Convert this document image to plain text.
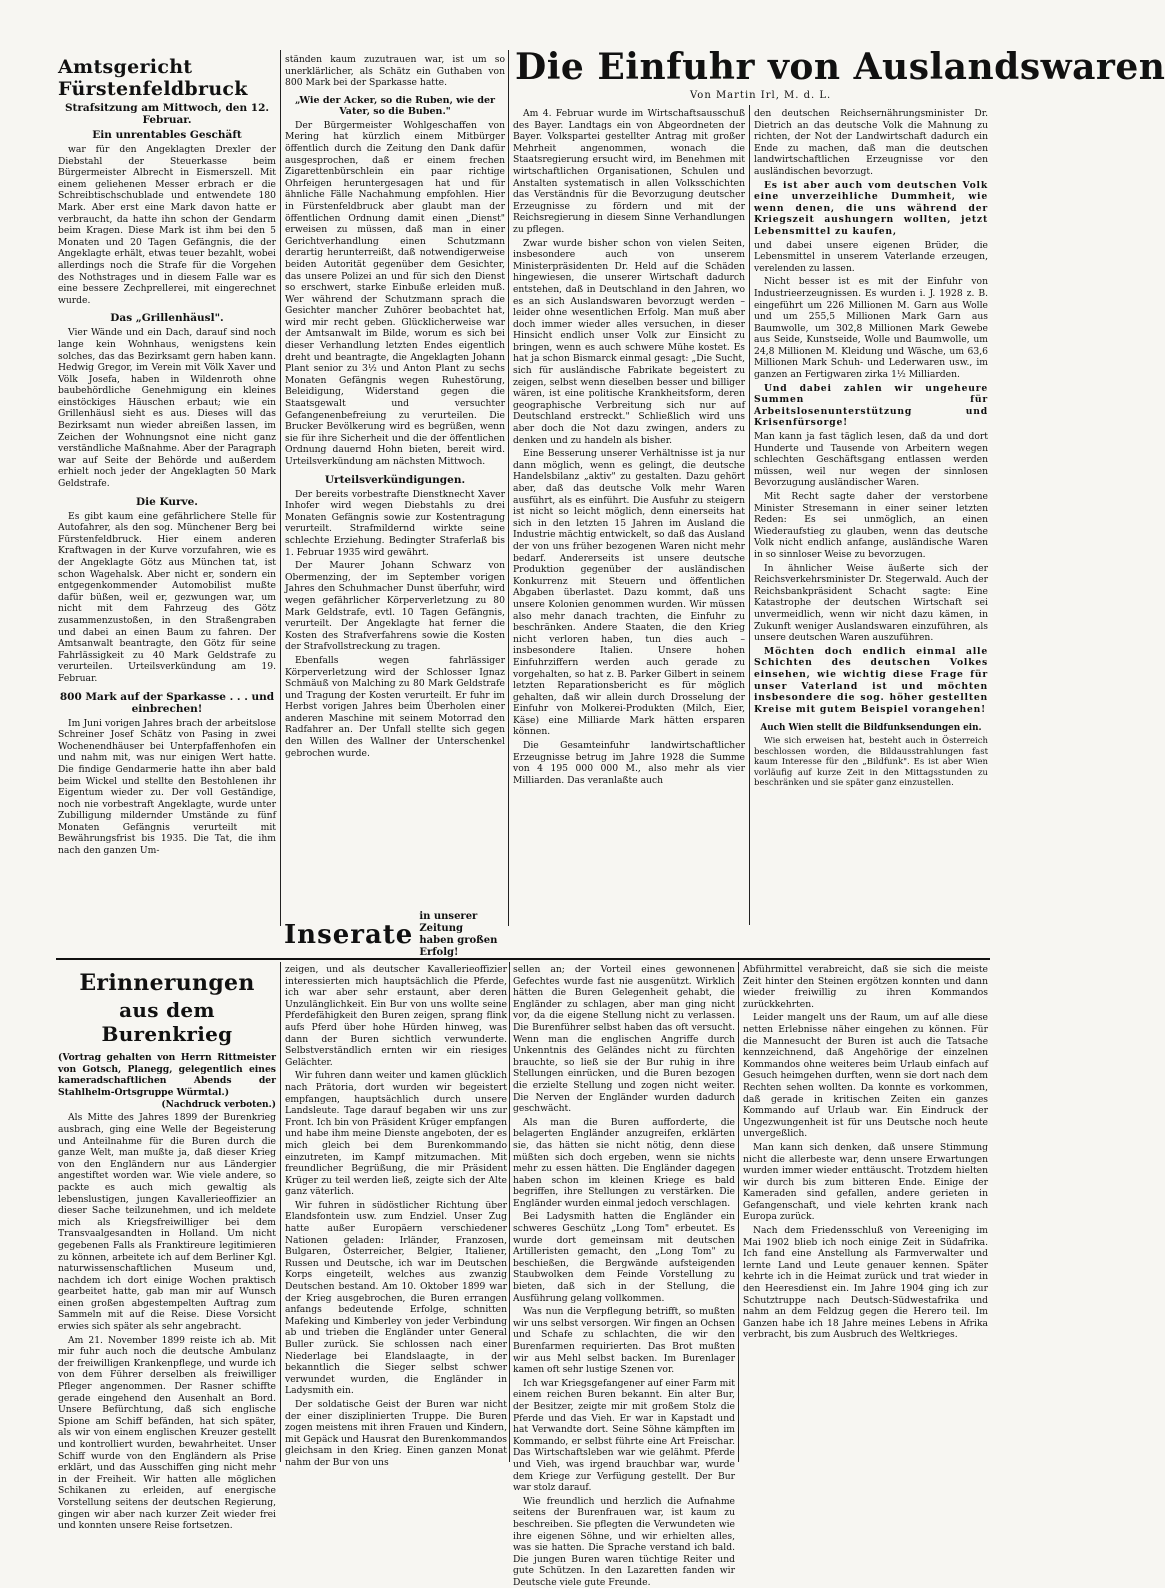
Amtsgericht Fürstenfeldbruck
Strafsitzung am Mittwoch, den 12. Februar.
Ein unrentables Geschäft

war für den Angeklagten Drexler der Diebstahl der Steuerkasse beim Bürgermeister Albrecht in Eismerszell. Mit einem geliehenen Messer erbrach er die Schreibtischschublade und entwendete 180 Mark. Aber erst eine Mark davon hatte er verbraucht, da hatte ihn schon der Gendarm beim Kragen. Diese Mark ist ihm bei den 5 Monaten und 20 Tagen Gefängnis, die der Angeklagte erhält, etwas teuer bezahlt, wobei allerdings noch die Strafe für die Vorgehen des Nothstrages und in diesem Falle war es eine bessere Zechprellerei, mit eingerechnet wurde.

Das „Grillenhäusl".

Vier Wände und ein Dach, darauf sind noch lange kein Wohnhaus, wenigstens kein solches, das das Bezirksamt gern haben kann. Hedwig Gregor, im Verein mit Völk Xaver und Völk Josefa, haben in Wildenroth ohne baubehördliche Genehmigung ein kleines einstöckiges Häuschen erbaut; wie ein Grillenhäusl sieht es aus. Dieses will das Bezirksamt nun wieder abreißen lassen, im Zeichen der Wohnungsnot eine nicht ganz verständliche Maßnahme. Aber der Paragraph war auf Seite der Behörde und außerdem erhielt noch jeder der Angeklagten 50 Mark Geldstrafe.

Die Kurve.

Es gibt kaum eine gefährlichere Stelle für Autofahrer, als den sog. Münchener Berg bei Fürstenfeldbruck. Hier einem anderen Kraftwagen in der Kurve vorzufahren, wie es der Angeklagte Götz aus München tat, ist schon Wagehalsk. Aber nicht er, sondern ein entgegenkommender Automobilist mußte dafür büßen, weil er, gezwungen war, um nicht mit dem Fahrzeug des Götz zusammenzustoßen, in den Straßengraben und dabei an einen Baum zu fahren. Der Amtsanwalt beantragte, den Götz für seine Fahrlässigkeit zu 40 Mark Geldstrafe zu verurteilen. Urteilsverkündung am 19. Februar.

800 Mark auf der Sparkasse . . . und einbrechen!

Im Juni vorigen Jahres brach der arbeitslose Schreiner Josef Schätz von Pasing in zwei Wochenendhäuser bei Unterpfaffenhofen ein und nahm mit, was nur einigen Wert hatte. Die findige Gendarmerie hatte ihn aber bald beim Wickel und stellte den Bestohlenen ihr Eigentum wieder zu. Der voll Geständige, noch nie vorbestraft Angeklagte, wurde unter Zubilligung mildernder Umstände zu fünf Monaten Gefängnis verurteilt mit Bewährungsfrist bis 1935. Die Tat, die ihm nach den ganzen Um-

ständen kaum zuzutrauen war, ist um so unerklärlicher, als Schätz ein Guthaben von 800 Mark bei der Sparkasse hatte.

„Wie der Acker, so die Ruben, wie der Vater, so die Buben."

Der Bürgermeister Wohlgeschaffen von Mering hat kürzlich einem Mitbürger öffentlich durch die Zeitung den Dank dafür ausgesprochen, daß er einem frechen Zigarettenbürschlein ein paar richtige Ohrfeigen heruntergesagen hat und für ähnliche Fälle Nachahmung empfohlen. Hier in Fürstenfeldbruck aber glaubt man der öffentlichen Ordnung damit einen „Dienst" erweisen zu müssen, daß man in einer Gerichtverhandlung einen Schutzmann derartig herunterreißt, daß notwendigerweise beiden Autorität gegenüber dem Gesichter, das unsere Polizei an und für sich den Dienst so erschwert, starke Einbuße erleiden muß. Wer während der Schutzmann sprach die Gesichter mancher Zuhörer beobachtet hat, wird mir recht geben. Glücklicherweise war der Amtsanwalt im Bilde, worum es sich bei dieser Verhandlung letzten Endes eigentlich dreht und beantragte, die Angeklagten Johann Plant senior zu 3½ und Anton Plant zu sechs Monaten Gefängnis wegen Ruhestörung, Beleidigung, Widerstand gegen die Staatsgewalt und versuchter Gefangenenbefreiung zu verurteilen. Die Brucker Bevölkerung wird es begrüßen, wenn sie für ihre Sicherheit und die der öffentlichen Ordnung dauernd Hohn bieten, bereit wird. Urteilsverkündung am nächsten Mittwoch.

Urteilsverkündigungen.

Der bereits vorbestrafte Dienstknecht Xaver Inhofer wird wegen Diebstahls zu drei Monaten Gefängnis sowie zur Kostentragung verurteilt. Strafmildernd wirkte seine schlechte Erziehung. Bedingter Straferlaß bis 1. Februar 1935 wird gewährt.

Der Maurer Johann Schwarz von Obermenzing, der im September vorigen Jahres den Schuhmacher Dunst überfuhr, wird wegen gefährlicher Körperverletzung zu 80 Mark Geldstrafe, evtl. 10 Tagen Gefängnis, verurteilt. Der Angeklagte hat ferner die Kosten des Strafverfahrens sowie die Kosten der Strafvollstreckung zu tragen.

Ebenfalls wegen fahrlässiger Körperverletzung wird der Schlosser Ignaz Schmäuß von Malching zu 80 Mark Geldstrafe und Tragung der Kosten verurteilt. Er fuhr im Herbst vorigen Jahres beim Überholen einer anderen Maschine mit seinem Motorrad den Radfahrer an. Der Unfall stellte sich gegen den Willen des Wallner der Unterschenkel gebrochen wurde.

Inserate
in unserer Zeitung
haben großen Erfolg!
Die Einfuhr von Auslandswaren
Von Martin Irl, M. d. L.

Am 4. Februar wurde im Wirtschaftsausschuß des Bayer. Landtags ein von Abgeordneten der Bayer. Volkspartei gestellter Antrag mit großer Mehrheit angenommen, wonach die Staatsregierung ersucht wird, im Benehmen mit wirtschaftlichen Organisationen, Schulen und Anstalten systematisch in allen Volksschichten das Verständnis für die Bevorzugung deutscher Erzeugnisse zu fördern und mit der Reichsregierung in diesem Sinne Verhandlungen zu pflegen.

Zwar wurde bisher schon von vielen Seiten, insbesondere auch von unserem Ministerpräsidenten Dr. Held auf die Schäden hingewiesen, die unserer Wirtschaft dadurch entstehen, daß in Deutschland in den Jahren, wo es an sich Auslandswaren bevorzugt werden – leider ohne wesentlichen Erfolg. Man muß aber doch immer wieder alles versuchen, in dieser Hinsicht endlich unser Volk zur Einsicht zu bringen, wenn es auch schwere Mühe kostet. Es hat ja schon Bismarck einmal gesagt: „Die Sucht, sich für ausländische Fabrikate begeistert zu zeigen, selbst wenn dieselben besser und billiger wären, ist eine politische Krankheitsform, deren geographische Verbreitung sich nur auf Deutschland erstreckt." Schließlich wird uns aber doch die Not dazu zwingen, anders zu denken und zu handeln als bisher.

Eine Besserung unserer Verhältnisse ist ja nur dann möglich, wenn es gelingt, die deutsche Handelsbilanz „aktiv" zu gestalten. Dazu gehört aber, daß das deutsche Volk mehr Waren ausführt, als es einführt. Die Ausfuhr zu steigern ist nicht so leicht möglich, denn einerseits hat sich in den letzten 15 Jahren im Ausland die Industrie mächtig entwickelt, so daß das Ausland der von uns früher bezogenen Waren nicht mehr bedarf. Andererseits ist unsere deutsche Produktion gegenüber der ausländischen Konkurrenz mit Steuern und öffentlichen Abgaben überlastet. Dazu kommt, daß uns unsere Kolonien genommen wurden. Wir müssen also mehr danach trachten, die Einfuhr zu beschränken. Andere Staaten, die den Krieg nicht verloren haben, tun dies auch – insbesondere Italien. Unsere hohen Einfuhrziffern werden auch gerade zu vorgehalten, so hat z. B. Parker Gilbert in seinem letzten Reparationsbericht es für möglich gehalten, daß wir allein durch Drosselung der Einfuhr von Molkerei-Produkten (Milch, Eier, Käse) eine Milliarde Mark hätten ersparen können.

Die Gesamteinfuhr landwirtschaftlicher Erzeugnisse betrug im Jahre 1928 die Summe von 4 195 000 000 M., also mehr als vier Milliarden. Das veranlaßte auch

den deutschen Reichsernährungsminister Dr. Dietrich an das deutsche Volk die Mahnung zu richten, der Not der Landwirtschaft dadurch ein Ende zu machen, daß man die deutschen landwirtschaftlichen Erzeugnisse vor den ausländischen bevorzugt.

Es ist aber auch vom deutschen Volk eine unverzeihliche Dummheit, wie wenn denen, die uns während der Kriegszeit aushungern wollten, jetzt Lebensmittel zu kaufen,

und dabei unsere eigenen Brüder, die Lebensmittel in unserem Vaterlande erzeugen, verelenden zu lassen.

Nicht besser ist es mit der Einfuhr von Industrieerzeugnissen. Es wurden i. J. 1928 z. B. eingeführt um 226 Millionen M. Garn aus Wolle und um 255,5 Millionen Mark Garn aus Baumwolle, um 302,8 Millionen Mark Gewebe aus Seide, Kunstseide, Wolle und Baumwolle, um 24,8 Millionen M. Kleidung und Wäsche, um 63,6 Millionen Mark Schuh- und Lederwaren usw., im ganzen an Fertigwaren zirka 1½ Milliarden.

Und dabei zahlen wir ungeheure Summen für Arbeitslosenunterstützung und Krisenfürsorge!

Man kann ja fast täglich lesen, daß da und dort Hunderte und Tausende von Arbeitern wegen schlechten Geschäftsgang entlassen werden müssen, weil nur wegen der sinnlosen Bevorzugung ausländischer Waren.

Mit Recht sagte daher der verstorbene Minister Stresemann in einer seiner letzten Reden: Es sei unmöglich, an einen Wiederaufstieg zu glauben, wenn das deutsche Volk nicht endlich anfange, ausländische Waren in so sinnloser Weise zu bevorzugen.

In ähnlicher Weise äußerte sich der Reichsverkehrsminister Dr. Stegerwald. Auch der Reichsbankpräsident Schacht sagte: Eine Katastrophe der deutschen Wirtschaft sei unvermeidlich, wenn wir nicht dazu kämen, in Zukunft weniger Auslandswaren einzuführen, als unsere deutschen Waren auszuführen.

Möchten doch endlich einmal alle Schichten des deutschen Volkes einsehen, wie wichtig diese Frage für unser Vaterland ist und möchten insbesondere die sog. höher gestellten Kreise mit gutem Beispiel vorangehen!

Auch Wien stellt die Bildfunksendungen ein.

Wie sich erweisen hat, besteht auch in Österreich beschlossen worden, die Bildausstrahlungen fast kaum Interesse für den „Bildfunk". Es ist aber Wien vorläufig auf kurze Zeit in den Mittagsstunden zu beschränken und sie später ganz einzustellen.

Erinnerungen
aus dem Burenkrieg

(Vortrag gehalten von Herrn Rittmeister von Gotsch, Planegg, gelegentlich eines kameradschaftlichen Abends der Stahlhelm-Ortsgruppe Würmtal.)

(Nachdruck verboten.)

Als Mitte des Jahres 1899 der Burenkrieg ausbrach, ging eine Welle der Begeisterung und Anteilnahme für die Buren durch die ganze Welt, man mußte ja, daß dieser Krieg von den Engländern nur aus Ländergier angestiftet worden war. Wie viele andere, so packte es auch mich gewaltig als lebenslustigen, jungen Kavallerieoffizier an dieser Sache teilzunehmen, und ich meldete mich als Kriegsfreiwilliger bei dem Transvaalgesandten in Holland. Um nicht gegebenen Falls als Franktireure legitimieren zu können, arbeitete ich auf dem Berliner Kgl. naturwissenschaftlichen Museum und, nachdem ich dort einige Wochen praktisch gearbeitet hatte, gab man mir auf Wunsch einen großen abgestempelten Auftrag zum Sammeln mit auf die Reise. Diese Vorsicht erwies sich später als sehr angebracht.

Am 21. November 1899 reiste ich ab. Mit mir fuhr auch noch die deutsche Ambulanz der freiwilligen Krankenpflege, und wurde ich von dem Führer derselben als freiwilliger Pfleger angenommen. Der Rasner schiffte gerade eingehend den Ausenhalt an Bord. Unsere Befürchtung, daß sich englische Spione am Schiff befänden, hat sich später, als wir von einem englischen Kreuzer gestellt und kontrolliert wurden, bewahrheitet. Unser Schiff wurde von den Engländern als Prise erklärt, und das Ausschiffen ging nicht mehr in der Freiheit. Wir hatten alle möglichen Schikanen zu erleiden, auf energische Vorstellung seitens der deutschen Regierung, gingen wir aber nach kurzer Zeit wieder frei und konnten unsere Reise fortsetzen.

zeigen, und als deutscher Kavallerieoffizier interessierten mich hauptsächlich die Pferde, ich war aber sehr erstaunt, aber deren Unzulänglichkeit. Ein Bur von uns wollte seine Pferdefähigkeit den Buren zeigen, sprang flink aufs Pferd über hohe Hürden hinweg, was dann der Buren sichtlich verwunderte. Selbstverständlich ernten wir ein riesiges Gelächter.

Wir fuhren dann weiter und kamen glücklich nach Prätoria, dort wurden wir begeistert empfangen, hauptsächlich durch unsere Landsleute. Tage darauf begaben wir uns zur Front. Ich bin von Präsident Krüger empfangen und habe ihm meine Dienste angeboten, der es mich gleich bei dem Burenkommando einzutreten, im Kampf mitzumachen. Mit freundlicher Begrüßung, die mir Präsident Krüger zu teil werden ließ, zeigte sich der Alte ganz väterlich.

Wir fuhren in südöstlicher Richtung über Elandsfontein usw. zum Endziel. Unser Zug hatte außer Europäern verschiedener Nationen geladen: Irländer, Franzosen, Bulgaren, Österreicher, Belgier, Italiener, Russen und Deutsche, ich war im Deutschen Korps eingeteilt, welches aus zwanzig Deutschen bestand. Am 10. Oktober 1899 war der Krieg ausgebrochen, die Buren errangen anfangs bedeutende Erfolge, schnitten Mafeking und Kimberley von jeder Verbindung ab und trieben die Engländer unter General Buller zurück. Sie schlossen nach einer Niederlage bei Elandslaagte, in der bekanntlich die Sieger selbst schwer verwundet wurden, die Engländer in Ladysmith ein.

Der soldatische Geist der Buren war nicht der einer disziplinierten Truppe. Die Buren zogen meistens mit ihren Frauen und Kindern, mit Gepäck und Hausrat den Burenkommandos gleichsam in den Krieg. Einen ganzen Monat nahm der Bur von uns

sellen an; der Vorteil eines gewonnenen Gefechtes wurde fast nie ausgenützt. Wirklich hätten die Buren Gelegenheit gehabt, die Engländer zu schlagen, aber man ging nicht vor, da die eigene Stellung nicht zu verlassen. Die Burenführer selbst haben das oft versucht. Wenn man die englischen Angriffe durch Unkenntnis des Geländes nicht zu fürchten brauchte, so ließ sie der Bur ruhig in ihre Stellungen einrücken, und die Buren bezogen die erzielte Stellung und zogen nicht weiter. Die Nerven der Engländer wurden dadurch geschwächt.

Als man die Buren aufforderte, die belagerten Engländer anzugreifen, erklärten sie, das hätten sie nicht nötig, denn diese müßten sich doch ergeben, wenn sie nichts mehr zu essen hätten. Die Engländer dagegen haben schon im kleinen Kriege es bald begriffen, ihre Stellungen zu verstärken. Die Engländer wurden einmal jedoch verschlagen.

Bei Ladysmith hatten die Engländer ein schweres Geschütz „Long Tom" erbeutet. Es wurde dort gemeinsam mit deutschen Artilleristen gemacht, den „Long Tom" zu beschießen, die Bergwände aufsteigenden Staubwolken dem Feinde Vorstellung zu bieten, daß sich in der Stellung, die Ausführung gelang vollkommen.

Was nun die Verpflegung betrifft, so mußten wir uns selbst versorgen. Wir fingen an Ochsen und Schafe zu schlachten, die wir den Burenfarmen requirierten. Das Brot mußten wir aus Mehl selbst backen. Im Burenlager kamen oft sehr lustige Szenen vor.

Ich war Kriegsgefangener auf einer Farm mit einem reichen Buren bekannt. Ein alter Bur, der Besitzer, zeigte mir mit großem Stolz die Pferde und das Vieh. Er war in Kapstadt und hat Verwandte dort. Seine Söhne kämpften im Kommando, er selbst führte eine Art Freischar. Das Wirtschaftsleben war wie gelähmt. Pferde und Vieh, was irgend brauchbar war, wurde dem Kriege zur Verfügung gestellt. Der Bur war stolz darauf.

Wie freundlich und herzlich die Aufnahme seitens der Burenfrauen war, ist kaum zu beschreiben. Sie pflegten die Verwundeten wie ihre eigenen Söhne, und wir erhielten alles, was sie hatten. Die Sprache verstand ich bald. Die jungen Buren waren tüchtige Reiter und gute Schützen. In den Lazaretten fanden wir Deutsche viele gute Freunde.

Abführmittel verabreicht, daß sie sich die meiste Zeit hinter den Steinen ergötzen konnten und dann wieder freiwillig zu ihren Kommandos zurückkehrten.

Leider mangelt uns der Raum, um auf alle diese netten Erlebnisse näher eingehen zu können. Für die Mannesucht der Buren ist auch die Tatsache kennzeichnend, daß Angehörige der einzelnen Kommandos ohne weiteres beim Urlaub einfach auf Gesuch heimgehen durften, wenn sie dort nach dem Rechten sehen wollten. Da konnte es vorkommen, daß gerade in kritischen Zeiten ein ganzes Kommando auf Urlaub war. Ein Eindruck der Ungezwungenheit ist für uns Deutsche noch heute unvergeßlich.

Man kann sich denken, daß unsere Stimmung nicht die allerbeste war, denn unsere Erwartungen wurden immer wieder enttäuscht. Trotzdem hielten wir durch bis zum bitteren Ende. Einige der Kameraden sind gefallen, andere gerieten in Gefangenschaft, und viele kehrten krank nach Europa zurück.

Nach dem Friedensschluß von Vereeniging im Mai 1902 blieb ich noch einige Zeit in Südafrika. Ich fand eine Anstellung als Farmverwalter und lernte Land und Leute genauer kennen. Später kehrte ich in die Heimat zurück und trat wieder in den Heeresdienst ein. Im Jahre 1904 ging ich zur Schutztruppe nach Deutsch-Südwestafrika und nahm an dem Feldzug gegen die Herero teil. Im Ganzen habe ich 18 Jahre meines Lebens in Afrika verbracht, bis zum Ausbruch des Weltkrieges.
